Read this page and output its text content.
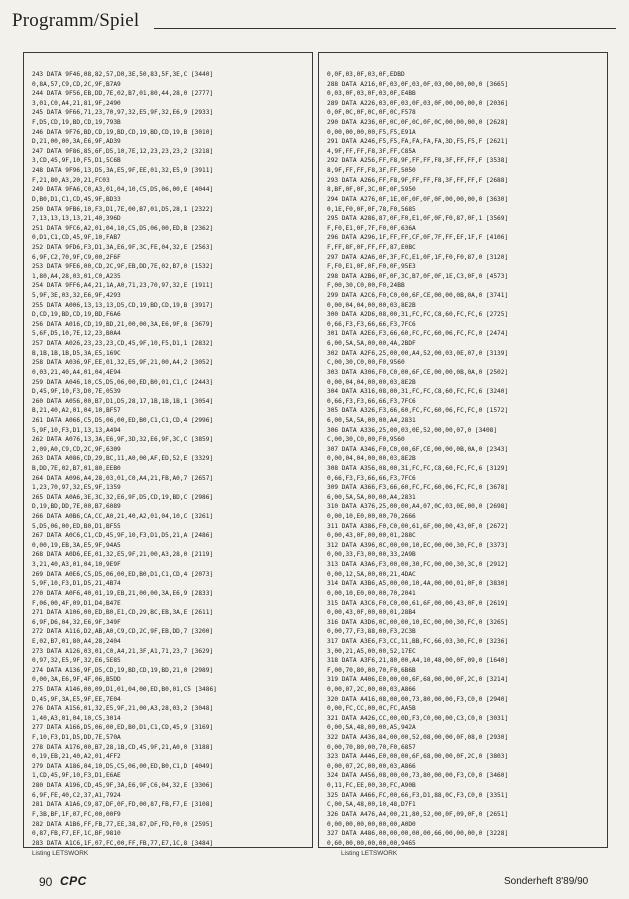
Programm/Spiel
243 DATA 9F46,08,82,57,D0,3E,50,83,5F,3E,C [3440]
0,8A,57,C9,CD,2C,9F,B7A9
244 DATA 9F56,EB,DD,7E,02,B7,01,80,44,28,0 [2777]
3,01,C0,A4,21,81,9F,2490
245 DATA 9F66,71,23,70,97,32,E5,9F,32,E6,9 [2933]
F,D5,CD,19,BD,CD,19,793B
246 DATA 9F76,BD,CD,19,BD,CD,19,BD,CD,19,B [3010]
D,21,00,00,3A,E6,9F,AD39
247 DATA 9F86,85,6F,D5,10,7E,12,23,23,23,2 [3218]
3,CD,45,9F,10,F5,D1,5C6B
248 DATA 9F96,13,D5,3A,E5,9F,EE,01,32,E5,9 [3911]
F,21,80,A3,20,21,FC03
249 DATA 9FA6,C0,A3,01,04,10,C5,D5,06,00,E [4044]
D,B0,D1,C1,CD,45,9F,BD33
250 DATA 9FB6,10,F3,D1,7E,00,B7,01,D5,28,1 [2322]
7,13,13,13,13,21,40,396D
251 DATA 9FC6,A2,01,04,10,C5,D5,06,00,ED,B [2362]
0,D1,C1,CD,45,9F,10,FAB7
252 DATA 9FD6,F3,D1,3A,E6,9F,3C,FE,04,32,E [2563]
6,9F,C2,70,9F,C9,00,2F6F
253 DATA 9FE6,00,CD,2C,9F,EB,DD,7E,02,B7,0 [1532]
1,80,A4,28,03,01,C0,A235
254 DATA 9FF6,A4,21,1A,A0,71,23,70,97,32,E [1911]
5,9F,3E,03,32,E6,9F,4293
255 DATA A006,13,13,13,D5,CD,19,BD,CD,19,B [3917]
D,CD,19,BD,CD,19,BD,F6A6
256 DATA A016,CD,19,BD,21,00,00,3A,E6,9F,8 [3679]
5,6F,D5,10,7E,12,23,B0A4
257 DATA A026,23,23,23,CD,45,9F,10,F5,D1,1 [2832]
B,1B,1B,1B,D5,3A,E5,169C
258 DATA A036,9F,EE,01,32,E5,9F,21,00,A4,2 [3052]
0,03,21,40,A4,01,04,4E94
259 DATA A046,10,C5,D5,06,00,ED,B0,01,C1,C [2443]
D,45,9F,10,F3,D0,7E,0539
260 DATA A056,00,B7,D1,D5,28,17,1B,1B,1B,1 [3054]
B,21,40,A2,01,04,10,BF57
261 DATA A066,C5,D5,06,00,ED,B0,C1,C1,CD,4 [2996]
5,9F,10,F3,D1,13,13,A494
262 DATA A076,13,3A,E6,9F,3D,32,E6,9F,3C,C [3859]
2,09,A0,C9,CD,2C,9F,6309
263 DATA A086,CD,29,BC,11,A0,00,AF,ED,52,E [3329]
B,DD,7E,02,B7,01,80,EEB0
264 DATA A096,A4,28,03,01,C0,A4,21,FB,A0,7 [2657]
1,23,70,97,32,E5,9F,1359
265 DATA A0A6,3E,3C,32,E6,9F,D5,CD,19,BD,C [2986]
D,19,BD,DD,7E,00,B7,6089
266 DATA A0B6,CA,CC,A0,21,40,A2,01,04,10,C [3261]
5,D5,06,00,ED,B0,D1,BF55
267 DATA A0C6,C1,CD,45,9F,10,F3,D1,D5,21,A [2486]
0,00,19,EB,3A,E5,9F,94A5
268 DATA A0D6,EE,01,32,E5,9F,21,00,A3,28,0 [2119]
3,21,40,A3,01,04,10,9E9F
269 DATA A0E6,C5,D5,06,00,ED,B0,D1,C1,CD,4 [2073]
5,9F,10,F3,D1,D5,21,4B74
270 DATA A0F6,40,01,19,EB,21,00,00,3A,E6,9 [2833]
F,06,00,4F,09,D1,D4,B47E
271 DATA A106,00,ED,B0,E1,CD,29,BC,EB,3A,E [2611]
6,9F,D6,04,32,E6,9F,349F
272 DATA A116,D2,AB,A0,C9,CD,2C,9F,EB,DD,7 [3200]
E,02,B7,01,80,A4,28,2404
273 DATA A126,03,01,C0,A4,21,3F,A1,71,23,7 [3629]
0,97,32,E5,9F,32,E6,5E85
274 DATA A136,9F,D5,CD,19,BD,CD,19,BD,21,0 [2989]
0,00,3A,E6,9F,4F,06,B5DD
275 DATA A146,00,09,D1,01,04,00,ED,B0,01,C5 [3486]
D,45,9F,3A,E5,9F,EE,7E04
276 DATA A156,01,32,E5,9F,21,00,A3,28,03,2 [3048]
1,40,A3,01,04,10,C5,3014
277 DATA A166,D5,06,00,ED,B0,D1,C1,CD,45,9 [3169]
F,10,F3,D1,D5,DD,7E,570A
278 DATA A176,00,B7,28,1B,CD,45,9F,21,A0,0 [3188]
0,19,EB,21,40,A2,01,4FF2
279 DATA A186,04,10,D5,C5,06,00,ED,B0,C1,D [4049]
1,CD,45,9F,10,F3,D1,E6AE
280 DATA A196,CD,45,9F,3A,E6,9F,C6,04,32,E [3306]
6,9F,FE,40,C2,37,A1,7924
281 DATA A1A6,C9,87,DF,0F,FD,00,87,FB,F7,E [3108]
F,3B,BF,1F,07,FC,00,00F9
282 DATA A1B6,FF,FB,77,EE,38,87,DF,FD,F0,0 [2595]
0,87,FB,F7,EF,1C,BF,9810
283 DATA A1C6,1F,07,FC,00,FF,FB,77,E7,1C,8 [3484]
0,0F,03,0F,03,0F,EDBD
288 DATA A216,0F,03,0F,03,0F,03,00,00,00,0 [3665]
0,03,0F,03,0F,03,0F,E4BB
289 DATA A226,03,0F,03,0F,03,0F,00,00,00,0 [2036]
0,0F,0C,0F,0C,0F,0C,F578
290 DATA A236,0F,0C,0F,0C,0F,0C,00,00,00,0 [2628]
0,00,00,00,00,F5,F5,E91A
291 DATA A246,F5,F5,FA,FA,FA,FA,3D,F5,F5,F [2621]
4,9F,FF,FF,F8,3F,FF,C85A
292 DATA A256,FF,F8,9F,FF,FF,F8,3F,FF,FF,F [3538]
8,9F,FF,FF,F8,3F,FF,5050
293 DATA A266,FF,F8,9F,FF,FF,F8,3F,FF,FF,F [2688]
8,BF,0F,0F,3C,0F,0F,5950
294 DATA A276,0F,1E,0F,0F,0F,0F,00,00,00,0 [3630]
0,1E,F0,0F,0F,78,F0,5685
295 DATA A286,87,0F,F0,E1,0F,0F,F0,87,0F,1 [3569]
F,F0,E1,0F,7F,F0,0F,636A
296 DATA A296,1F,FF,FF,CF,0F,7F,FF,EF,1F,F [4106]
F,FF,8F,0F,FF,FF,87,E0BC
297 DATA A2A6,0F,3F,FC,E1,0F,1F,F0,F0,87,0 [3120]
F,F0,E1,0F,0F,F0,0F,95E3
298 DATA A2B6,0F,0F,3C,B7,0F,0F,1E,C3,0F,0 [4573]
F,00,30,C0,00,F0,24BB
299 DATA A2C6,F0,C0,00,6F,CE,00,00,0B,0A,0 [3741]
0,00,04,04,00,00,03,8E2B
300 DATA A2D6,08,00,31,FC,FC,C8,60,FC,FC,6 [2725]
0,66,F3,F3,66,66,F3,7FC6
301 DATA A2E6,F3,66,60,FC,FC,60,06,FC,FC,0 [2474]
6,00,5A,5A,00,00,4A,2BDF
302 DATA A2F6,25,00,00,A4,52,00,03,0E,07,0 [3139]
C,00,30,C0,00,F0,9560
303 DATA A306,F0,C0,00,6F,CE,00,00,0B,0A,0 [2502]
0,00,04,04,00,00,03,8E2B
304 DATA A316,08,00,31,FC,FC,C8,60,FC,FC,6 [3240]
0,66,F3,F3,66,66,F3,7FC6
305 DATA A326,F3,66,60,FC,FC,60,06,FC,FC,0 [1572]
6,00,5A,5A,00,00,A4,2831
306 DATA A336,25,00,03,0E,52,00,00,07,0 [3408]
C,00,30,C0,00,F0,9560
307 DATA A346,F0,C0,00,6F,CE,00,00,0B,0A,0 [2343]
0,00,04,04,00,00,03,8E2B
308 DATA A356,08,00,31,FC,FC,C8,60,FC,FC,6 [3129]
0,66,F3,F3,66,66,F3,7FC6
309 DATA A366,F3,66,60,FC,FC,60,06,FC,FC,0 [3678]
6,00,5A,5A,00,00,A4,2831
310 DATA A376,25,00,00,A4,07,0C,03,0E,00,0 [2698]
0,00,10,E0,00,00,70,2666
311 DATA A386,F0,C0,00,61,6F,00,00,43,0F,0 [2672]
0,00,43,0F,00,00,01,288C
312 DATA A396,0C,00,00,10,EC,00,00,30,FC,0 [3373]
0,00,33,F3,00,00,33,2A9B
313 DATA A3A6,F3,00,00,30,FC,00,00,30,3C,0 [2912]
0,00,12,5A,00,00,21,4DAC
314 DATA A3B6,A5,00,00,10,4A,00,00,01,0F,0 [3830]
0,00,10,E0,00,00,70,2041
315 DATA A3C6,F0,C0,00,61,6F,00,00,43,0F,0 [2619]
0,00,43,0F,00,00,01,28B4
316 DATA A3D6,0C,00,00,10,EC,00,00,30,FC,0 [3265]
0,00,77,F3,88,00,F3,2C3B
317 DATA A3E6,F3,CC,11,BB,FC,66,03,30,FC,0 [3236]
3,00,21,A5,00,00,52,17EC
318 DATA A3F6,21,80,00,A4,10,48,00,0F,09,0 [1640]
F,00,70,80,00,70,F0,6B6B
319 DATA A406,E0,00,00,6F,68,00,00,0F,2C,0 [3214]
0,00,07,2C,00,00,03,A866
320 DATA A416,08,00,00,73,80,00,00,F3,C0,0 [2940]
0,00,FC,CC,00,0C,FC,AA5B
321 DATA A426,CC,00,0D,F3,C0,00,00,C3,C0,0 [3031]
0,00,5A,48,00,00,A5,942A
322 DATA A436,84,00,00,52,08,00,00,0F,08,0 [2930]
0,00,70,80,00,70,F0,6857
323 DATA A446,E0,00,00,6F,68,00,00,0F,2C,0 [3803]
0,00,07,2C,00,00,03,A866
324 DATA A456,08,00,00,73,80,00,00,F3,C0,0 [3460]
0,11,FC,EE,00,30,FC,A90B
325 DATA A466,FC,00,66,F3,D1,88,0C,F3,C0,0 [3351]
C,00,5A,48,00,10,48,D7F1
326 DATA A476,A4,00,21,80,52,00,0F,09,0F,0 [2651]
0,00,00,00,00,00,00,A0D0
327 DATA A486,00,00,00,00,00,66,00,00,00,0 [3228]
0,60,00,00,00,00,00,9465
Listing LETSWORK	Listing LETSWORK
90 CPC	Sonderheft 8'89/90
